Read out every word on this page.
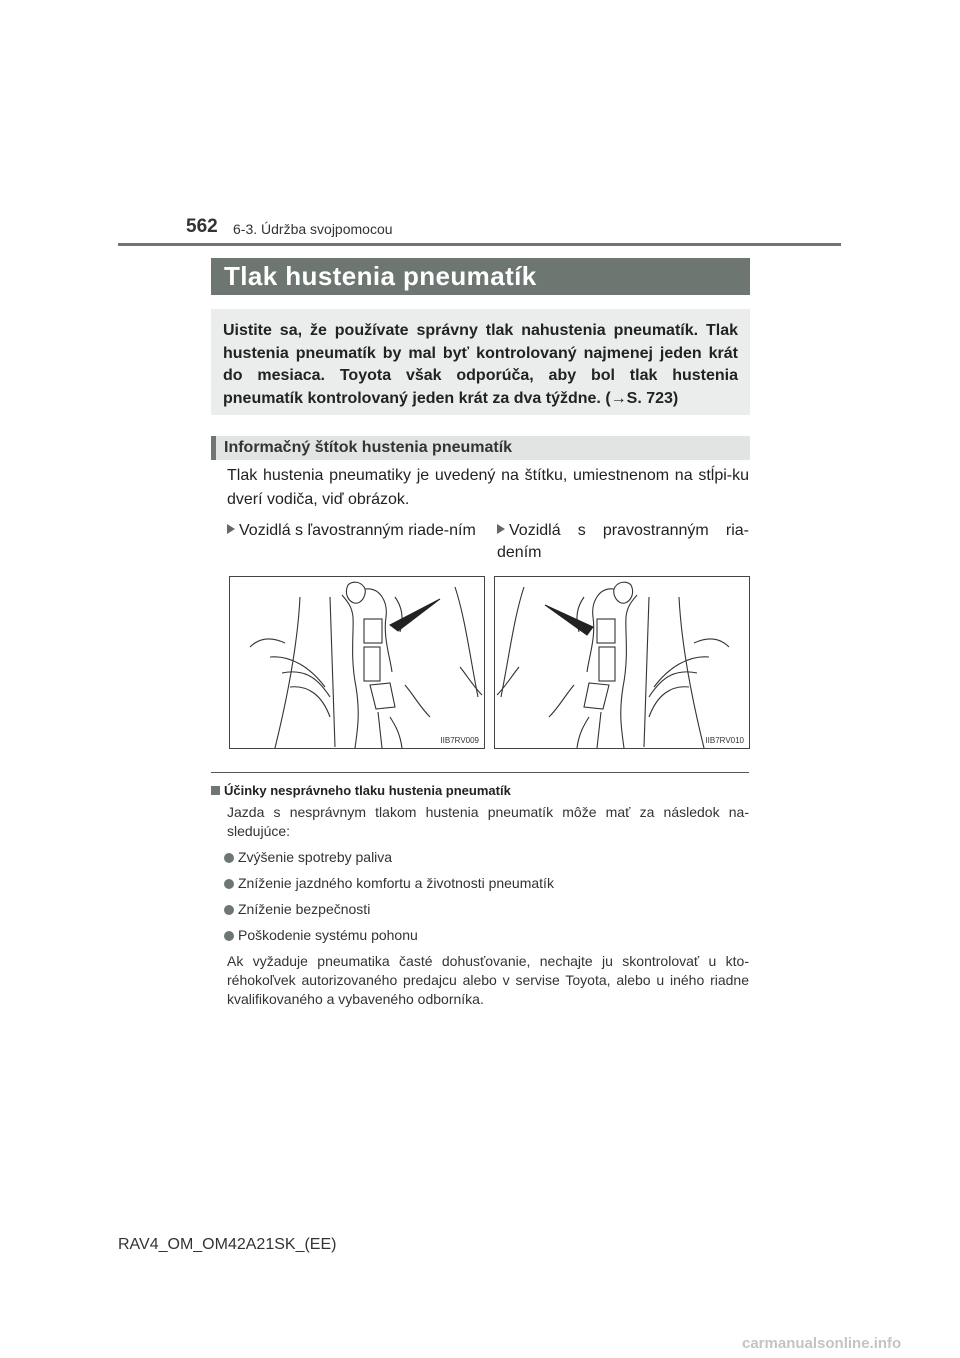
562 6-3. Údržba svojpomocou
Tlak hustenia pneumatík
Uistite sa, že používate správny tlak nahustenia pneumatík. Tlak hustenia pneumatík by mal byť kontrolovaný najmenej jeden krát do mesiaca. Toyota však odporúča, aby bol tlak hustenia pneumatík kontrolovaný jeden krát za dva týždne. (→S. 723)
Informačný štítok hustenia pneumatík
Tlak hustenia pneumatiky je uvedený na štítku, umiestnenom na stĺpi-ku dverí vodiča, viď obrázok.
Vozidlá s ľavostranným riade-ním	Vozidlá s pravostranným ria-dením
IIB7RV009	IIB7RV010
Účinky nesprávneho tlaku hustenia pneumatík
Jazda s nesprávnym tlakom hustenia pneumatík môže mať za následok na-sledujúce:
Zvýšenie spotreby paliva
Zníženie jazdného komfortu a životnosti pneumatík
Zníženie bezpečnosti
Poškodenie systému pohonu
Ak vyžaduje pneumatika časté dohusťovanie, nechajte ju skontrolovať u kto-réhokoľvek autorizovaného predajcu alebo v servise Toyota, alebo u iného riadne kvalifikovaného a vybaveného odborníka.
RAV4_OM_OM42A21SK_(EE)
carmanualsonline.info
